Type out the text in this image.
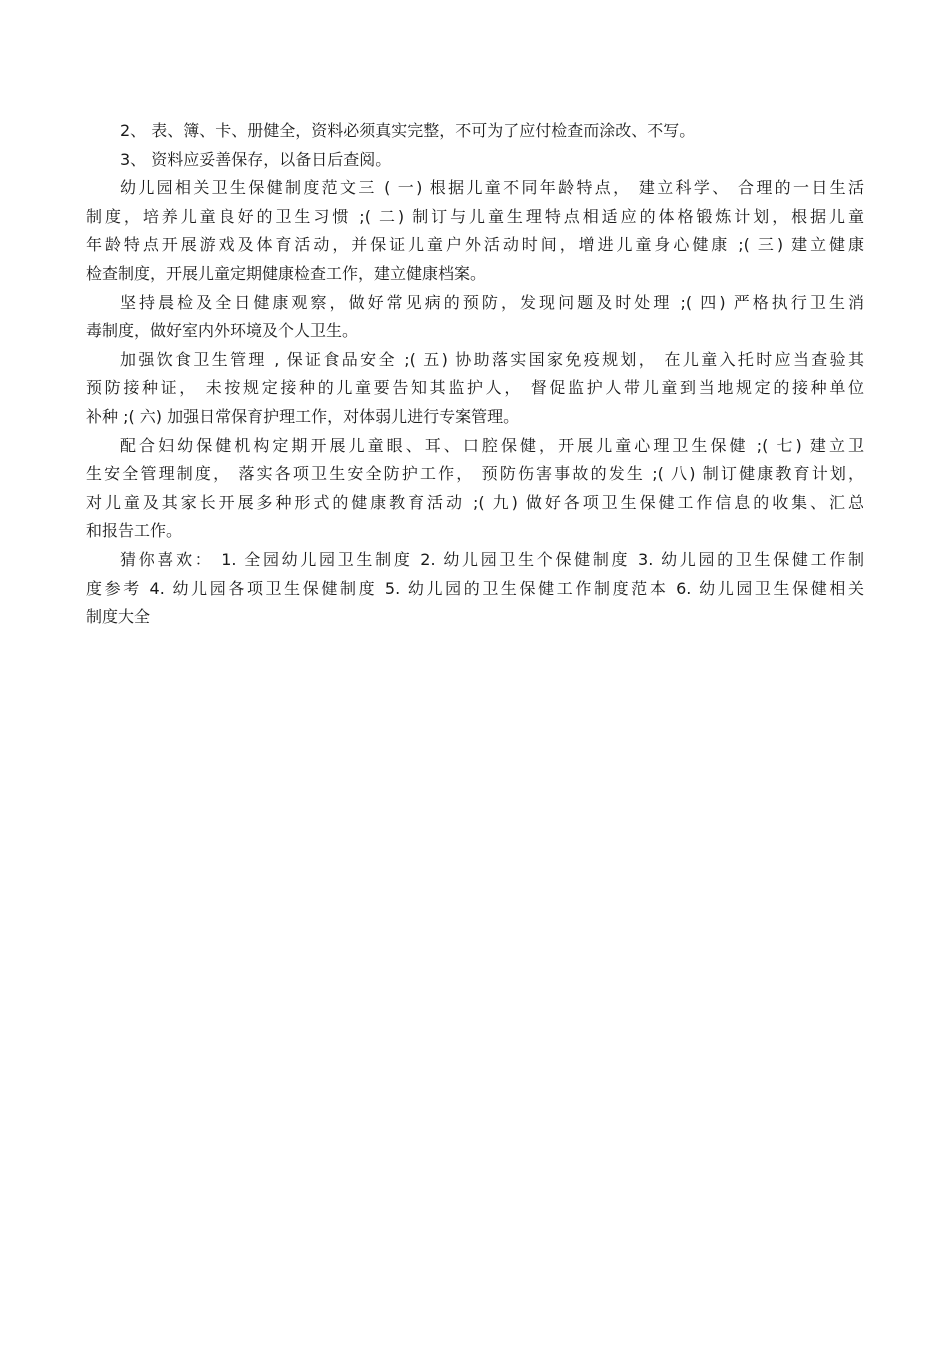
2、 表、簿、卡、册健全，资料必须真实完整，不可为了应付检查而涂改、不写。
3、 资料应妥善保存，以备日后查阅。
幼儿园相关卫生保健制度范文三 ( 一) 根据儿童不同年龄特点， 建立科学、 合理的一日生活
制度，培养儿童良好的卫生习惯 ;( 二) 制订与儿童生理特点相适应的体格锻炼计划，根据儿童
年龄特点开展游戏及体育活动，并保证儿童户外活动时间，增进儿童身心健康 ;( 三) 建立健康
检查制度，开展儿童定期健康检查工作，建立健康档案。
坚持晨检及全日健康观察，做好常见病的预防，发现问题及时处理 ;( 四) 严格执行卫生消
毒制度，做好室内外环境及个人卫生。
加强饮食卫生管理 , 保证食品安全 ;( 五) 协助落实国家免疫规划， 在儿童入托时应当查验其
预防接种证， 未按规定接种的儿童要告知其监护人， 督促监护人带儿童到当地规定的接种单位
补种 ;( 六) 加强日常保育护理工作，对体弱儿进行专案管理。
配合妇幼保健机构定期开展儿童眼、耳、口腔保健，开展儿童心理卫生保健 ;( 七) 建立卫
生安全管理制度， 落实各项卫生安全防护工作， 预防伤害事故的发生 ;( 八) 制订健康教育计划，
对儿童及其家长开展多种形式的健康教育活动 ;( 九) 做好各项卫生保健工作信息的收集、汇总
和报告工作。
猜你喜欢： 1. 全园幼儿园卫生制度 2. 幼儿园卫生个保健制度 3. 幼儿园的卫生保健工作制
度参考 4. 幼儿园各项卫生保健制度 5. 幼儿园的卫生保健工作制度范本 6. 幼儿园卫生保健相关
制度大全
